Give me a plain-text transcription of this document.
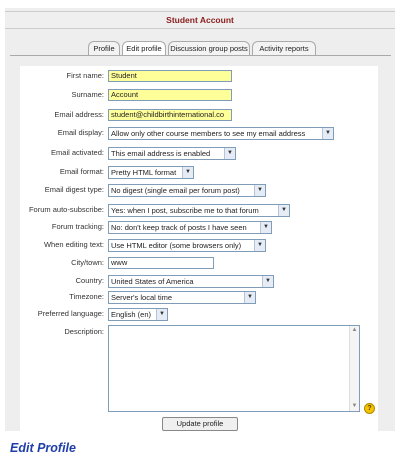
Student Account
Profile	Edit profile	Discussion group posts	Activity reports
First name: Student
Surname: Account
Email address: student@childbirthinternational.co
Email display: Allow only other course members to see my email address	▼
Email activated: This email address is enabled	▼
Email format: Pretty HTML format	▼
Email digest type: No digest (single email per forum post)	▼
Forum auto-subscribe: Yes: when I post, subscribe me to that forum	▼
Forum tracking: No: don't keep track of posts I have seen	▼
When editing text: Use HTML editor (some browsers only)	▼
City/town: www
Country: United States of America	▼
Timezone: Server's local time	▼
Preferred language: English (en)	▼
Description:	▲
▼	?
Update profile
Edit Profile
